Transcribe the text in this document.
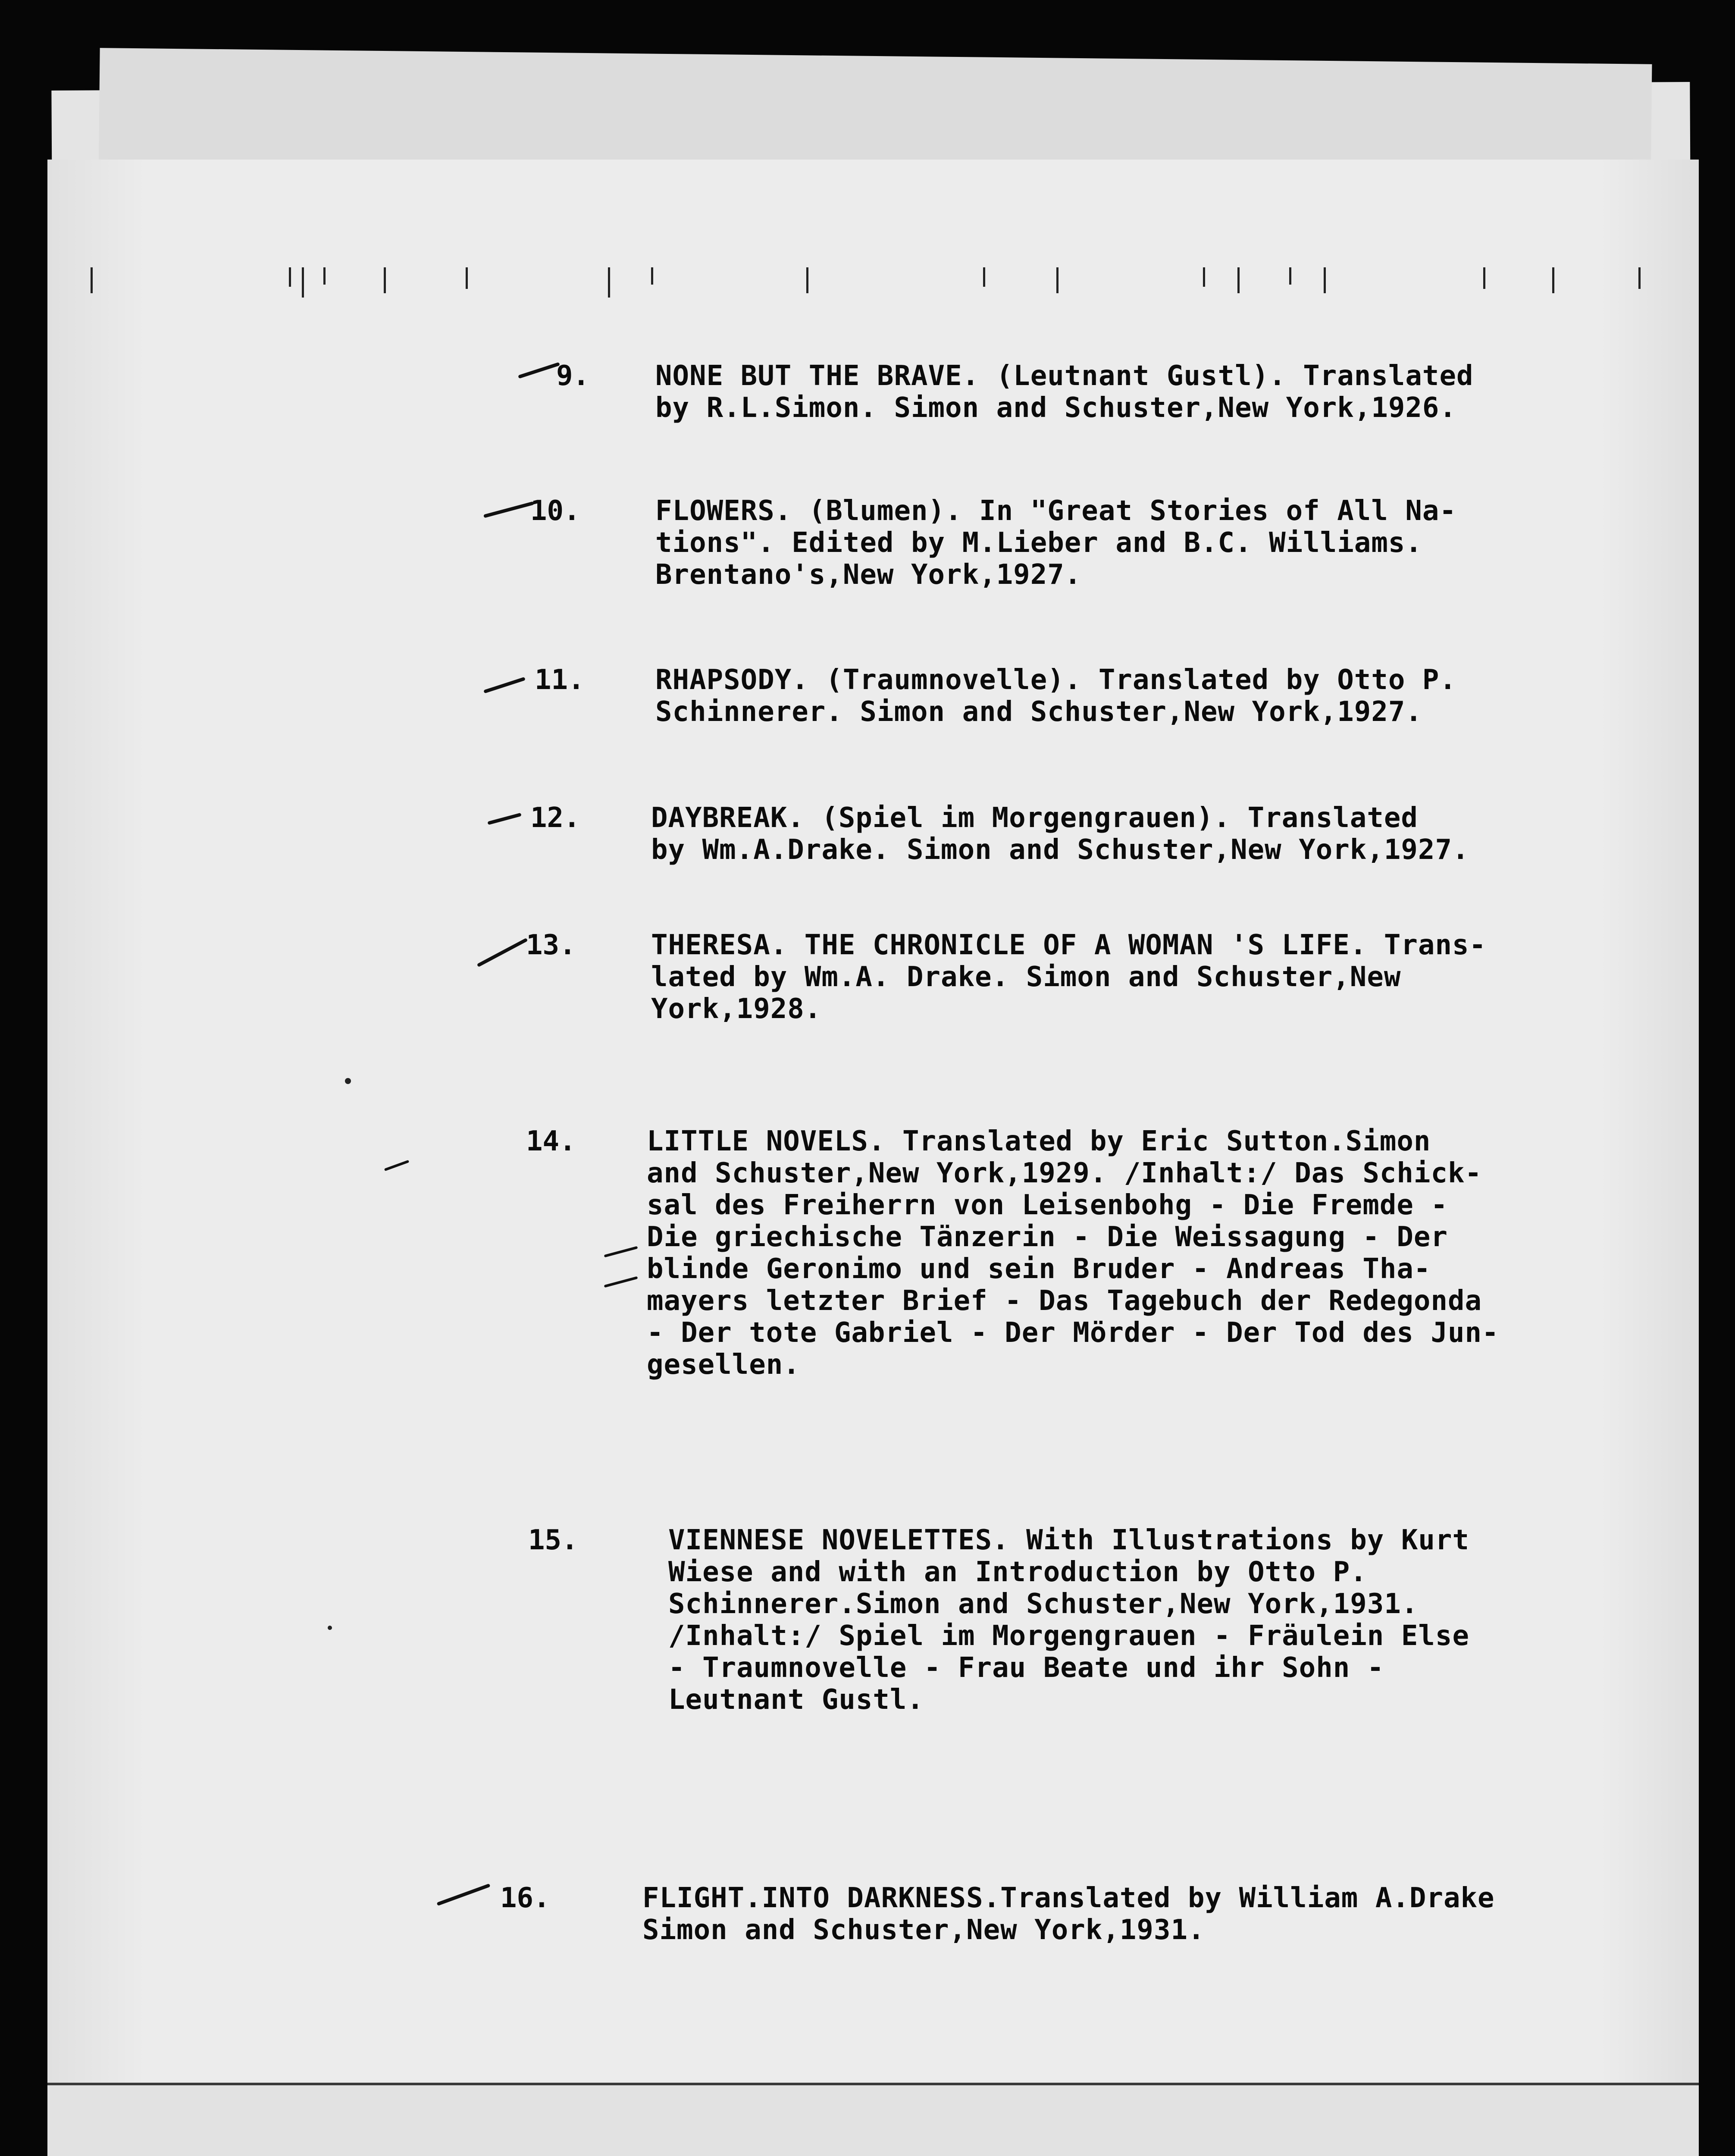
9. NONE BUT THE BRAVE. (Leutnant Gustl). Translated
by R.L.Simon. Simon and Schuster,New York,1926.
10.	FLOWERS. (Blumen). In "Great Stories of All Na-
tions". Edited by M.Lieber and B.C. Williams.
Brentano's,New York,1927.
11.	RHAPSODY. (Traumnovelle). Translated by Otto P.
Schinnerer. Simon and Schuster,New York,1927.
12.	DAYBREAK. (Spiel im Morgengrauen). Translated
by Wm.A.Drake. Simon and Schuster,New York,1927.
13.	THERESA. THE CHRONICLE OF A WOMAN 'S LIFE. Trans-
lated by Wm.A. Drake. Simon and Schuster,New
York,1928.
14.	LITTLE NOVELS. Translated by Eric Sutton.Simon
and Schuster,New York,1929. /Inhalt:/ Das Schick-
sal des Freiherrn von Leisenbohg - Die Fremde -
Die griechische Tänzerin - Die Weissagung - Der
blinde Geronimo und sein Bruder - Andreas Tha-
mayers letzter Brief - Das Tagebuch der Redegonda
- Der tote Gabriel - Der Mörder - Der Tod des Jun-
gesellen.
15.	VIENNESE NOVELETTES. With Illustrations by Kurt
Wiese and with an Introduction by Otto P.
Schinnerer.Simon and Schuster,New York,1931.
/Inhalt:/ Spiel im Morgengrauen - Fräulein Else
- Traumnovelle - Frau Beate und ihr Sohn -
Leutnant Gustl.
16.	FLIGHT.INTO DARKNESS.Translated by William A.Drake
Simon and Schuster,New York,1931.
